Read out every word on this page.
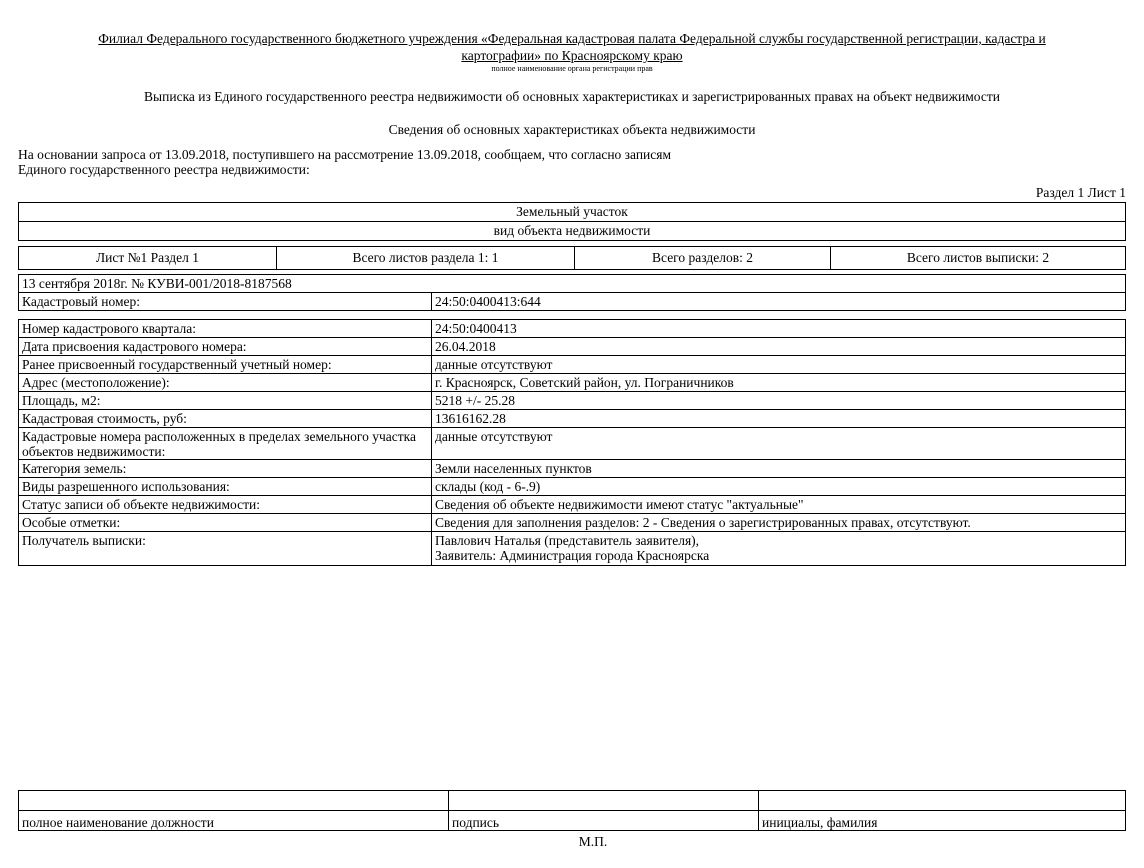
Филиал Федерального государственного бюджетного учреждения «Федеральная кадастровая палата Федеральной службы государственной регистрации, кадастра и
картографии» по Красноярскому краю
полное наименование органа регистрации прав
Выписка из Единого государственного реестра недвижимости об основных характеристиках и зарегистрированных правах на объект недвижимости
Сведения об основных характеристиках объекта недвижимости
На основании запроса от 13.09.2018, поступившего на рассмотрение 13.09.2018, сообщаем, что согласно записям
Единого государственного реестра недвижимости:
Раздел 1 Лист 1
Земельный участок
вид объекта недвижимости
Лист №1 Раздел 1	Всего листов раздела 1: 1	Всего разделов: 2	Всего листов выписки: 2
13 сентября 2018г. № КУВИ-001/2018-8187568	
Кадастровый номер:	24:50:0400413:644

Номер кадастрового квартала:	24:50:0400413
Дата присвоения кадастрового номера:	26.04.2018
Ранее присвоенный государственный учетный номер:	данные отсутствуют
Адрес (местоположение):	г. Красноярск, Советский район, ул. Пограничников
Площадь, м2:	5218 +/- 25.28
Кадастровая стоимость, руб:	13616162.28
Кадастровые номера расположенных в пределах земельного участка объектов недвижимости:	данные отсутствуют
Категория земель:	Земли населенных пунктов
Виды разрешенного использования:	склады (код - 6-.9)
Статус записи об объекте недвижимости:	Сведения об объекте недвижимости имеют статус "актуальные"
Особые отметки:	Сведения для заполнения разделов: 2 - Сведения о зарегистрированных правах, отсутствуют.
Получатель выписки:	Павлович Наталья (представитель заявителя),
Заявитель: Администрация города Красноярска

полное наименование должности	подпись	инициалы, фамилия
М.П.
